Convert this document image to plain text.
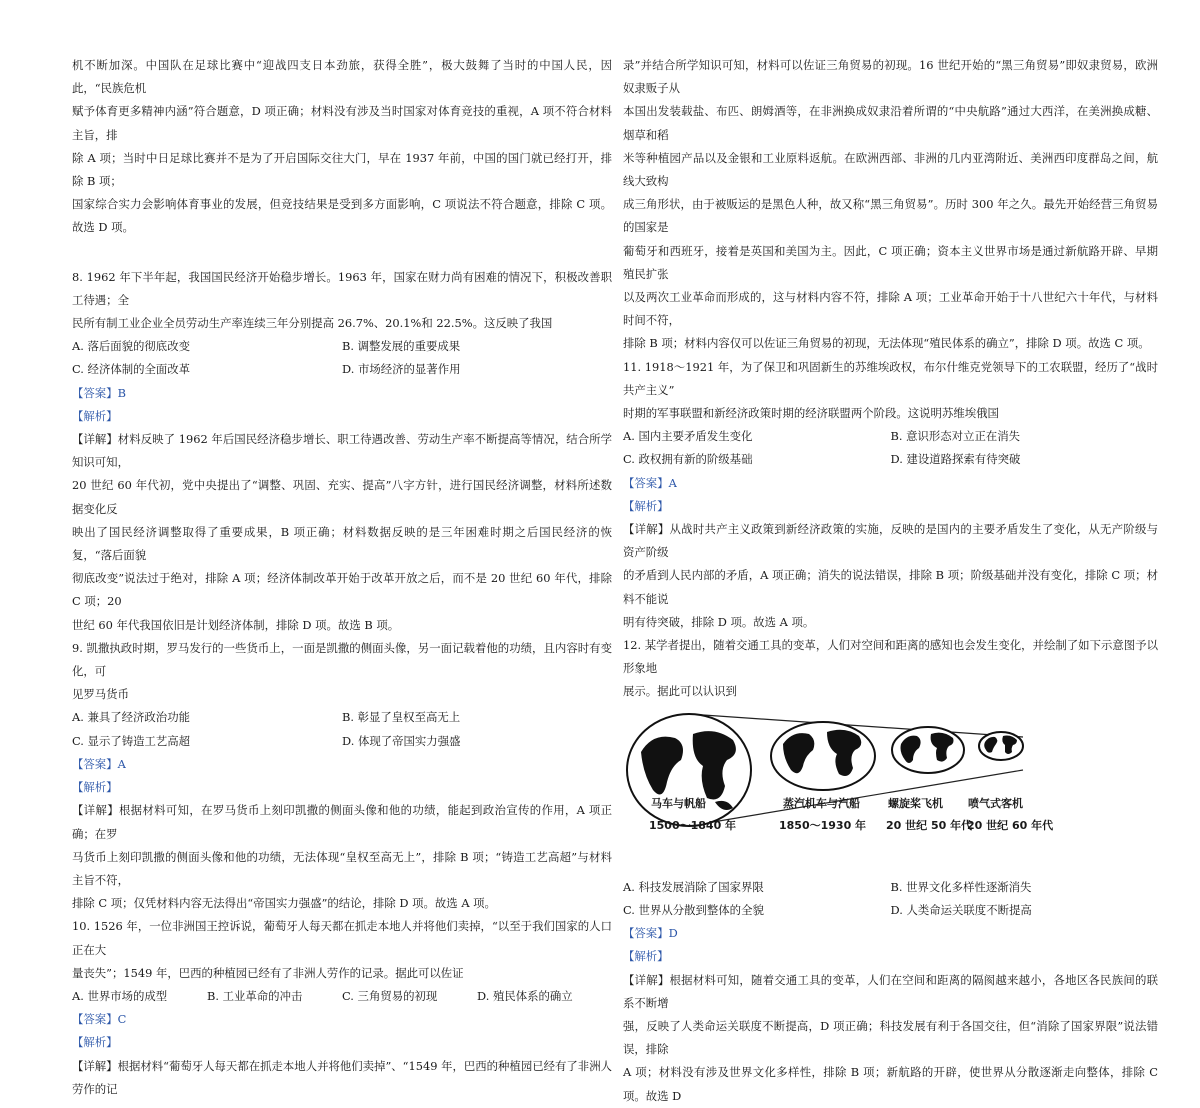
机不断加深。中国队在足球比赛中“迎战四支日本劲旅，获得全胜”，极大鼓舞了当时的中国人民，因此，“民族危机

赋予体育更多精神内涵”符合题意，D 项正确；材料没有涉及当时国家对体育竞技的重视，A 项不符合材料主旨，排

除 A 项；当时中日足球比赛并不是为了开启国际交往大门，早在 1937 年前，中国的国门就已经打开，排除 B 项；

国家综合实力会影响体育事业的发展，但竞技结果是受到多方面影响，C 项说法不符合题意，排除 C 项。故选 D 项。

8. 1962 年下半年起，我国国民经济开始稳步增长。1963 年，国家在财力尚有困难的情况下，积极改善职工待遇；全

民所有制工业企业全员劳动生产率连续三年分别提高 26.7%、20.1%和 22.5%。这反映了我国

A. 落后面貌的彻底改变	B. 调整发展的重要成果
C. 经济体制的全面改革	D. 市场经济的显著作用

【答案】B

【解析】

【详解】材料反映了 1962 年后国民经济稳步增长、职工待遇改善、劳动生产率不断提高等情况，结合所学知识可知，

20 世纪 60 年代初，党中央提出了“调整、巩固、充实、提高”八字方针，进行国民经济调整，材料所述数据变化反

映出了国民经济调整取得了重要成果，B 项正确；材料数据反映的是三年困难时期之后国民经济的恢复，“落后面貌

彻底改变”说法过于绝对，排除 A 项；经济体制改革开始于改革开放之后，而不是 20 世纪 60 年代，排除 C 项；20

世纪 60 年代我国依旧是计划经济体制，排除 D 项。故选 B 项。

9. 凯撒执政时期，罗马发行的一些货币上，一面是凯撒的侧面头像，另一面记载着他的功绩，且内容时有变化，可

见罗马货币

A. 兼具了经济政治功能	B. 彰显了皇权至高无上
C. 显示了铸造工艺高超	D. 体现了帝国实力强盛

【答案】A

【解析】

【详解】根据材料可知，在罗马货币上刻印凯撒的侧面头像和他的功绩，能起到政治宣传的作用，A 项正确；在罗

马货币上刻印凯撒的侧面头像和他的功绩，无法体现“皇权至高无上”，排除 B 项；“铸造工艺高超”与材料主旨不符，

排除 C 项；仅凭材料内容无法得出“帝国实力强盛”的结论，排除 D 项。故选 A 项。

10. 1526 年，一位非洲国王控诉说，葡萄牙人每天都在抓走本地人并将他们卖掉，“以至于我们国家的人口正在大

量丧失”；1549 年，巴西的种植园已经有了非洲人劳作的记录。据此可以佐证

A. 世界市场的成型	B. 工业革命的冲击	C. 三角贸易的初现	D. 殖民体系的确立

【答案】C

【解析】

【详解】根据材料“葡萄牙人每天都在抓走本地人并将他们卖掉”、“1549 年，巴西的种植园已经有了非洲人劳作的记

录”并结合所学知识可知，材料可以佐证三角贸易的初现。16 世纪开始的“黑三角贸易”即奴隶贸易，欧洲奴隶贩子从

本国出发装载盐、布匹、朗姆酒等，在非洲换成奴隶沿着所谓的“中央航路”通过大西洋，在美洲换成糖、烟草和稻

米等种植园产品以及金银和工业原料返航。在欧洲西部、非洲的几内亚湾附近、美洲西印度群岛之间，航线大致构

成三角形状，由于被贩运的是黑色人种，故又称“黑三角贸易”。历时 300 年之久。最先开始经营三角贸易的国家是

葡萄牙和西班牙，接着是英国和美国为主。因此，C 项正确；资本主义世界市场是通过新航路开辟、早期殖民扩张

以及两次工业革命而形成的，这与材料内容不符，排除 A 项；工业革命开始于十八世纪六十年代，与材料时间不符，

排除 B 项；材料内容仅可以佐证三角贸易的初现，无法体现“殖民体系的确立”，排除 D 项。故选 C 项。

11. 1918～1921 年，为了保卫和巩固新生的苏维埃政权，布尔什维克党领导下的工农联盟，经历了“战时共产主义”

时期的军事联盟和新经济政策时期的经济联盟两个阶段。这说明苏维埃俄国

A. 国内主要矛盾发生变化	B. 意识形态对立正在消失
C. 政权拥有新的阶级基础	D. 建设道路探索有待突破

【答案】A

【解析】

【详解】从战时共产主义政策到新经济政策的实施，反映的是国内的主要矛盾发生了变化，从无产阶级与资产阶级

的矛盾到人民内部的矛盾，A 项正确；消失的说法错误，排除 B 项；阶级基础并没有变化，排除 C 项；材料不能说

明有待突破，排除 D 项。故选 A 项。

12. 某学者提出，随着交通工具的变革，人们对空间和距离的感知也会发生变化，并绘制了如下示意图予以形象地

展示。据此可以认识到

马车与帆船	蒸汽机车与汽船	螺旋桨飞机 喷气式客机
1500～1840 年	1850～1930 年 20 世纪 50 年代
20 世纪 60 年代
A. 科技发展消除了国家界限	B. 世界文化多样性逐渐消失
C. 世界从分散到整体的全貌	D. 人类命运关联度不断提高

【答案】D

【解析】

【详解】根据材料可知，随着交通工具的变革，人们在空间和距离的隔阂越来越小，各地区各民族间的联系不断增

强，反映了人类命运关联度不断提高，D 项正确；科技发展有利于各国交往，但“消除了国家界限”说法错误，排除

A 项；材料没有涉及世界文化多样性，排除 B 项；新航路的开辟，使世界从分散逐渐走向整体，排除 C 项。故选 D
